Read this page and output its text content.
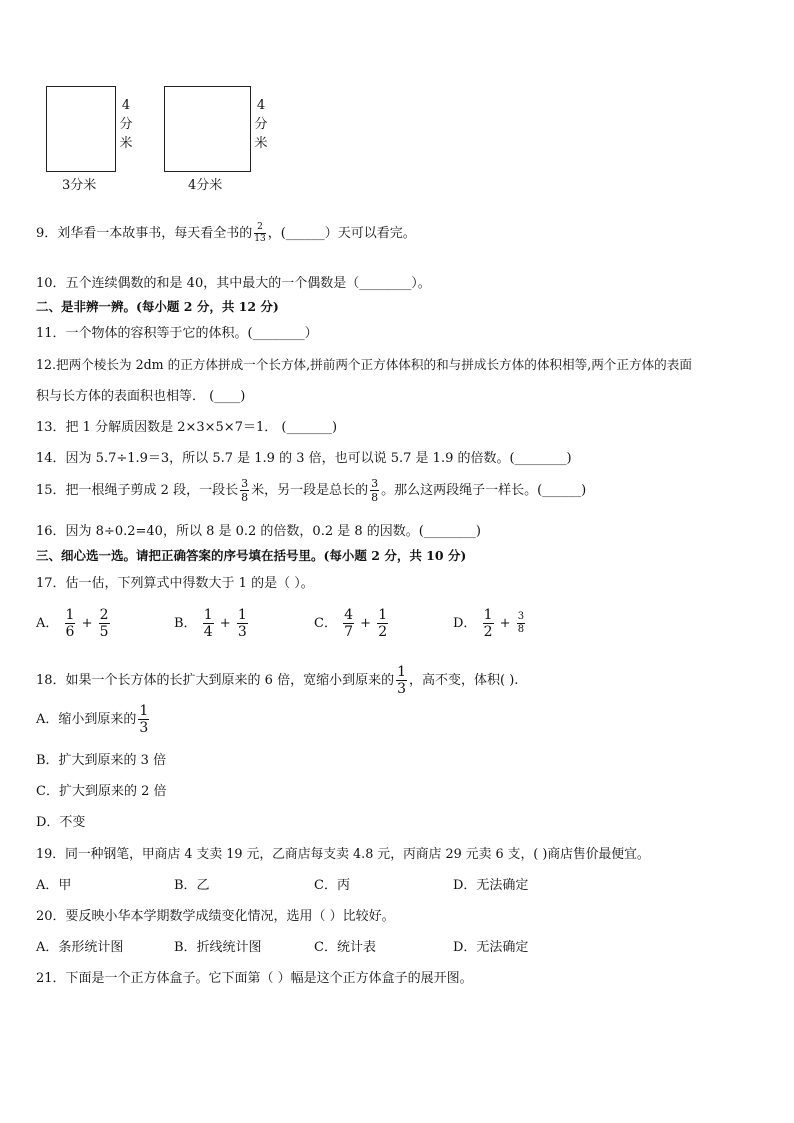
4
分
米
3分米
4
分
米
4分米
9．刘华看一本故事书，每天看全书的 $\frac{2}{13}$ ，(______）天可以看完。
10．五个连续偶数的和是 40，其中最大的一个偶数是（________）。
二、是非辨一辨。(每小题 2 分，共 12 分)
11．一个物体的容积等于它的体积。(________）
12.把两个棱长为 2dm 的正方体拼成一个长方体,拼前两个正方体体积的和与拼成长方体的体积相等,两个正方体的表面
积与长方体的表面积也相等． (____)
13．把 1 分解质因数是 2×3×5×7＝1． (_______)
14．因为 5.7÷1.9＝3，所以 5.7 是 1.9 的 3 倍，也可以说 5.7 是 1.9 的倍数。(________)
15．把一根绳子剪成 2 段，一段长 $\frac{3}{8}$ 米，另一段是总长的 $\frac{3}{8}$ 。那么这两段绳子一样长。(______)
16．因为 8÷0.2=40，所以 8 是 0.2 的倍数，0.2 是 8 的因数。(________)
三、细心选一选。请把正确答案的序号填在括号里。(每小题 2 分，共 10 分)
17．估一估，下列算式中得数大于 1 的是（ ）。
A． $\frac{1}{6} + \frac{2}{5}$	B． $\frac{1}{4} + \frac{1}{3}$	C． $\frac{4}{7} + \frac{1}{2}$	D． $\frac{1}{2} + \frac{3}{8}$
18．如果一个长方体的长扩大到原来的 6 倍，宽缩小到原来的 $\frac{1}{3}$ ，高不变，体积( ).
A．缩小到原来的 $\frac{1}{3}$
B．扩大到原来的 3 倍
C．扩大到原来的 2 倍
D．不变
19．同一种钢笔，甲商店 4 支卖 19 元，乙商店每支卖 4.8 元，丙商店 29 元卖 6 支，( )商店售价最便宜。
A．甲	B．乙	C．丙	D．无法确定
20．要反映小华本学期数学成绩变化情况，选用（ ）比较好。
A．条形统计图	B．折线统计图	C．统计表	D．无法确定
21．下面是一个正方体盒子。它下面第（ ）幅是这个正方体盒子的展开图。
